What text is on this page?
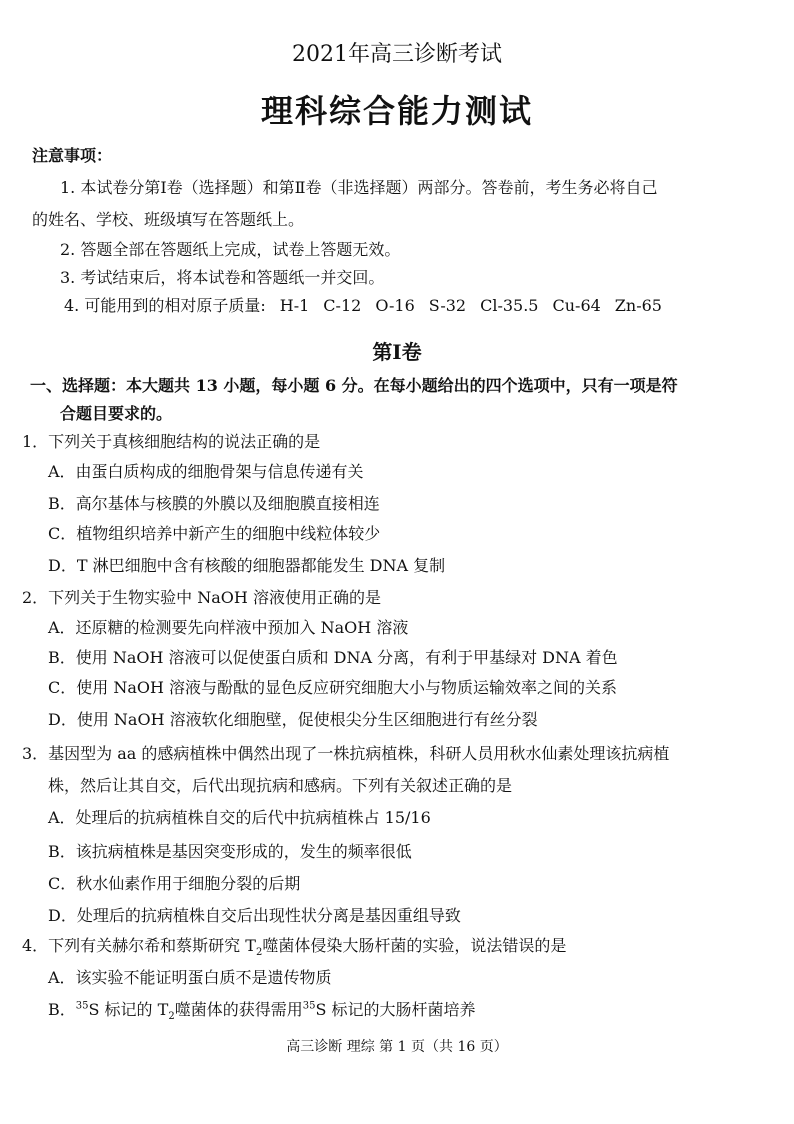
2021年高三诊断考试
理科综合能力测试
注意事项：
1. 本试卷分第Ⅰ卷（选择题）和第Ⅱ卷（非选择题）两部分。答卷前，考生务必将自己
的姓名、学校、班级填写在答题纸上。
2. 答题全部在答题纸上完成，试卷上答题无效。
3. 考试结束后，将本试卷和答题纸一并交回。
4. 可能用到的相对原子质量: H-1 C-12 O-16 S-32 Cl-35.5 Cu-64 Zn-65
第Ⅰ卷
一、选择题：本大题共 13 小题，每小题 6 分。在每小题给出的四个选项中，只有一项是符
合题目要求的。
1．下列关于真核细胞结构的说法正确的是
A．由蛋白质构成的细胞骨架与信息传递有关
B．高尔基体与核膜的外膜以及细胞膜直接相连
C．植物组织培养中新产生的细胞中线粒体较少
D．T 淋巴细胞中含有核酸的细胞器都能发生 DNA 复制
2．下列关于生物实验中 NaOH 溶液使用正确的是
A．还原糖的检测要先向样液中预加入 NaOH 溶液
B．使用 NaOH 溶液可以促使蛋白质和 DNA 分离，有利于甲基绿对 DNA 着色
C．使用 NaOH 溶液与酚酞的显色反应研究细胞大小与物质运输效率之间的关系
D．使用 NaOH 溶液软化细胞壁，促使根尖分生区细胞进行有丝分裂
3．基因型为 aa 的感病植株中偶然出现了一株抗病植株，科研人员用秋水仙素处理该抗病植
株，然后让其自交，后代出现抗病和感病。下列有关叙述正确的是
A．处理后的抗病植株自交的后代中抗病植株占 15/16
B．该抗病植株是基因突变形成的，发生的频率很低
C．秋水仙素作用于细胞分裂的后期
D．处理后的抗病植株自交后出现性状分离是基因重组导致
4．下列有关赫尔希和蔡斯研究 $T_2$噬菌体侵染大肠杆菌的实验，说法错误的是
A．该实验不能证明蛋白质不是遗传物质
B．$^{35}$S 标记的 $T_2$噬菌体的获得需用$^{35}$S 标记的大肠杆菌培养
高三诊断 理综 第 1 页（共 16 页）
